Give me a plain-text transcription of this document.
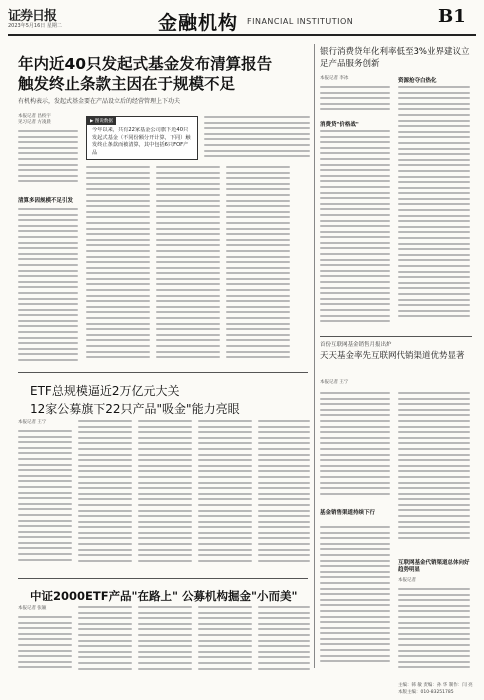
证券日报
2023年5月16日 星期二	金融机构 FINANCIAL INSTITUTION	B1
年内近40只发起式基金发布清算报告
触发终止条款主因在于规模不足
有机构表示，发起式基金要在产品设立后的经营管理上下功夫
本报记者 昌校宇 见习记者 方凌晨
清算多因规模不足引发
▶ 图说数据
今年以来，共有22家基金公司旗下近40只发起式基金（不同份额分开计算，下同）触发终止条款而被清算，其中包括6只FOF产品
ETF总规模逼近2万亿元大关
12家公募旗下22只产品"吸金"能力亮眼
本报记者 王宁
中证2000ETF产品"在路上" 公募机构掘金"小而美"
本报记者 张颖
银行消费贷年化利率低至3%业界建议立足产品服务创新
本报记者 李冰
消费贷"价格战"
资源抢夺白热化
首份互联网基金销售月报出炉
天天基金率先互联网代销渠道优势显著
本报记者 王宁
基金销售渠道持续下行
互联网基金代销渠道总体向好趋势明显
本报记者
主编：韩 敏 责编：孙 华 制作：闫 亮
本版主编：010-83251785
